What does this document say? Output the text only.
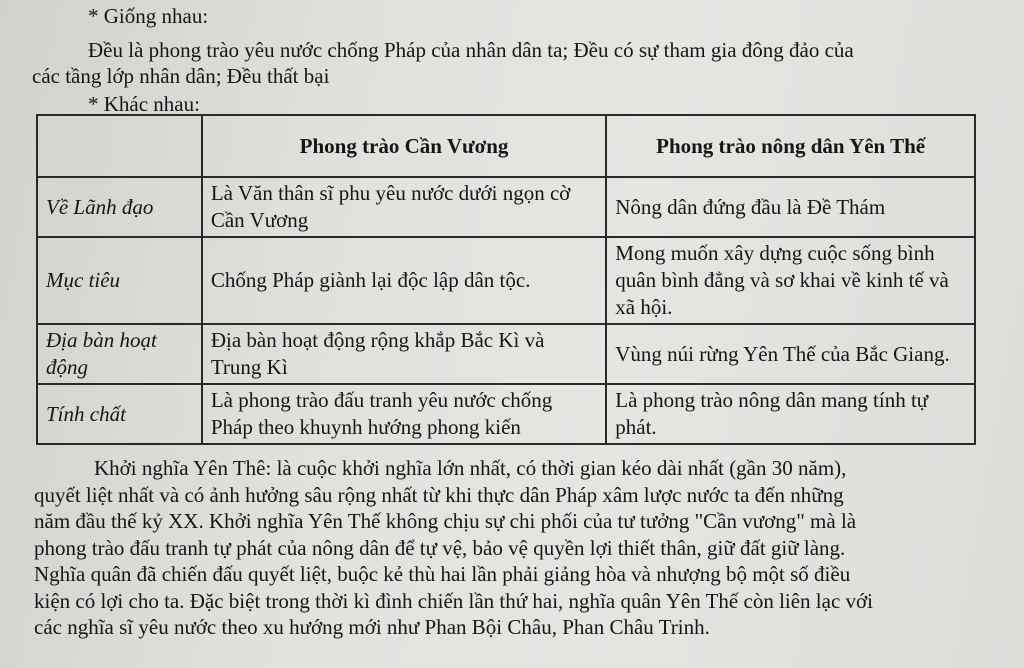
* Giống nhau:
Đều là phong trào yêu nước chống Pháp của nhân dân ta; Đều có sự tham gia đông đảo của
các tầng lớp nhân dân; Đều thất bại
* Khác nhau:
	Phong trào Cần Vương	Phong trào nông dân Yên Thế
Về Lãnh đạo	Là Văn thân sĩ phu yêu nước dưới ngọn cờ Cần Vương	Nông dân đứng đầu là Đề Thám
Mục tiêu	Chống Pháp giành lại độc lập dân tộc.	Mong muốn xây dựng cuộc sống bình quân bình đẳng và sơ khai về kinh tế và xã hội.
Địa bàn hoạt động	Địa bàn hoạt động rộng khắp Bắc Kì và Trung Kì	Vùng núi rừng Yên Thế của Bắc Giang.
Tính chất	Là phong trào đấu tranh yêu nước chống Pháp theo khuynh hướng phong kiến	Là phong trào nông dân mang tính tự phát.
Khởi nghĩa Yên Thê: là cuộc khởi nghĩa lớn nhất, có thời gian kéo dài nhất (gần 30 năm),
quyết liệt nhất và có ảnh hưởng sâu rộng nhất từ khi thực dân Pháp xâm lược nước ta đến những
năm đầu thế kỷ XX. Khởi nghĩa Yên Thế không chịu sự chi phối của tư tưởng "Cần vương" mà là
phong trào đấu tranh tự phát của nông dân để tự vệ, bảo vệ quyền lợi thiết thân, giữ đất giữ làng.
Nghĩa quân đã chiến đấu quyết liệt, buộc kẻ thù hai lần phải giảng hòa và nhượng bộ một số điều
kiện có lợi cho ta. Đặc biệt trong thời kì đình chiến lần thứ hai, nghĩa quân Yên Thế còn liên lạc với
các nghĩa sĩ yêu nước theo xu hướng mới như Phan Bội Châu, Phan Châu Trinh.
